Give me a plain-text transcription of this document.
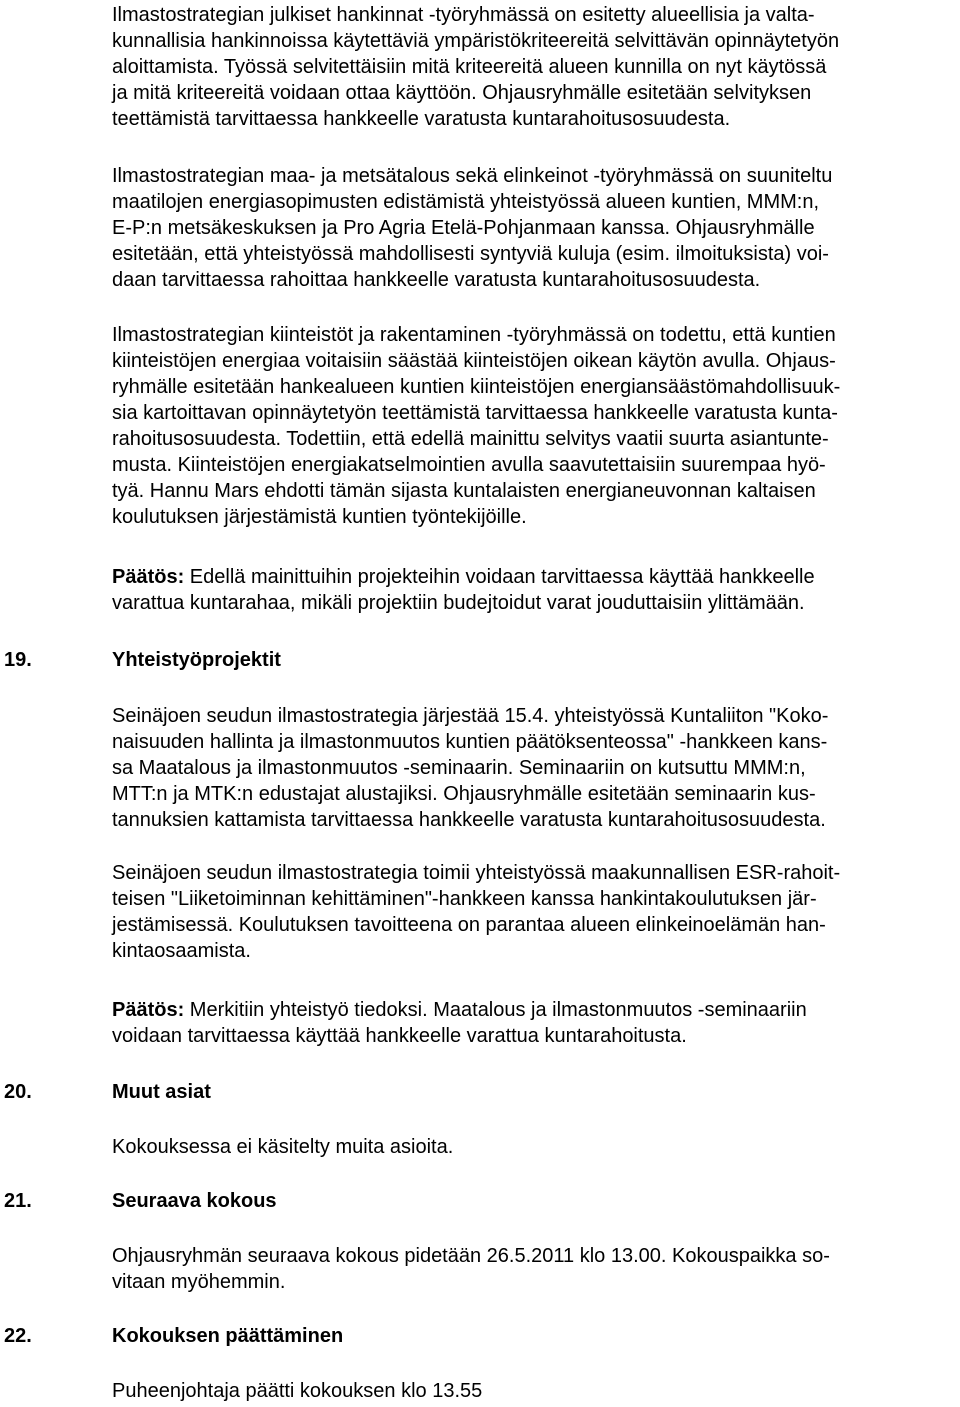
Ilmastostrategian julkiset hankinnat -työryhmässä on esitetty alueellisia ja valta-
kunnallisia hankinnoissa käytettäviä ympäristökriteereitä selvittävän opinnäytetyön
aloittamista. Työssä selvitettäisiin mitä kriteereitä alueen kunnilla on nyt käytössä
ja mitä kriteereitä voidaan ottaa käyttöön. Ohjausryhmälle esitetään selvityksen
teettämistä tarvittaessa hankkeelle varatusta kuntarahoitusosuudesta.
Ilmastostrategian maa- ja metsätalous sekä elinkeinot -työryhmässä on suuniteltu
maatilojen energiasopimusten edistämistä yhteistyössä alueen kuntien, MMM:n,
E-P:n metsäkeskuksen ja Pro Agria Etelä-Pohjanmaan kanssa. Ohjausryhmälle
esitetään, että yhteistyössä mahdollisesti syntyviä kuluja (esim. ilmoituksista) voi-
daan tarvittaessa rahoittaa hankkeelle varatusta kuntarahoitusosuudesta.
Ilmastostrategian kiinteistöt ja rakentaminen -työryhmässä on todettu, että kuntien
kiinteistöjen energiaa voitaisiin säästää kiinteistöjen oikean käytön avulla. Ohjaus-
ryhmälle esitetään hankealueen kuntien kiinteistöjen energiansäästömahdollisuuk-
sia kartoittavan opinnäytetyön teettämistä tarvittaessa hankkeelle varatusta kunta-
rahoitusosuudesta. Todettiin, että edellä mainittu selvitys vaatii suurta asiantunte-
musta. Kiinteistöjen energiakatselmointien avulla saavutettaisiin suurempaa hyö-
tyä. Hannu Mars ehdotti tämän sijasta kuntalaisten energianeuvonnan kaltaisen
koulutuksen järjestämistä kuntien työntekijöille.
Päätös: Edellä mainittuihin projekteihin voidaan tarvittaessa käyttää hankkeelle
varattua kuntarahaa, mikäli projektiin budejtoidut varat jouduttaisiin ylittämään.
19.	Yhteistyöprojektit
Seinäjoen seudun ilmastostrategia järjestää 15.4. yhteistyössä Kuntaliiton "Koko-
naisuuden hallinta ja ilmastonmuutos kuntien päätöksenteossa" -hankkeen kans-
sa Maatalous ja ilmastonmuutos -seminaarin. Seminaariin on kutsuttu MMM:n,
MTT:n ja MTK:n edustajat alustajiksi. Ohjausryhmälle esitetään seminaarin kus-
tannuksien kattamista tarvittaessa hankkeelle varatusta kuntarahoitusosuudesta.
Seinäjoen seudun ilmastostrategia toimii yhteistyössä maakunnallisen ESR-rahoit-
teisen "Liiketoiminnan kehittäminen"-hankkeen kanssa hankintakoulutuksen jär-
jestämisessä. Koulutuksen tavoitteena on parantaa alueen elinkeinoelämän han-
kintaosaamista.
Päätös: Merkitiin yhteistyö tiedoksi. Maatalous ja ilmastonmuutos -seminaariin
voidaan tarvittaessa käyttää hankkeelle varattua kuntarahoitusta.
20.	Muut asiat
Kokouksessa ei käsitelty muita asioita.
21.	Seuraava kokous
Ohjausryhmän seuraava kokous pidetään 26.5.2011 klo 13.00. Kokouspaikka so-
vitaan myöhemmin.
22.	Kokouksen päättäminen
Puheenjohtaja päätti kokouksen klo 13.55
